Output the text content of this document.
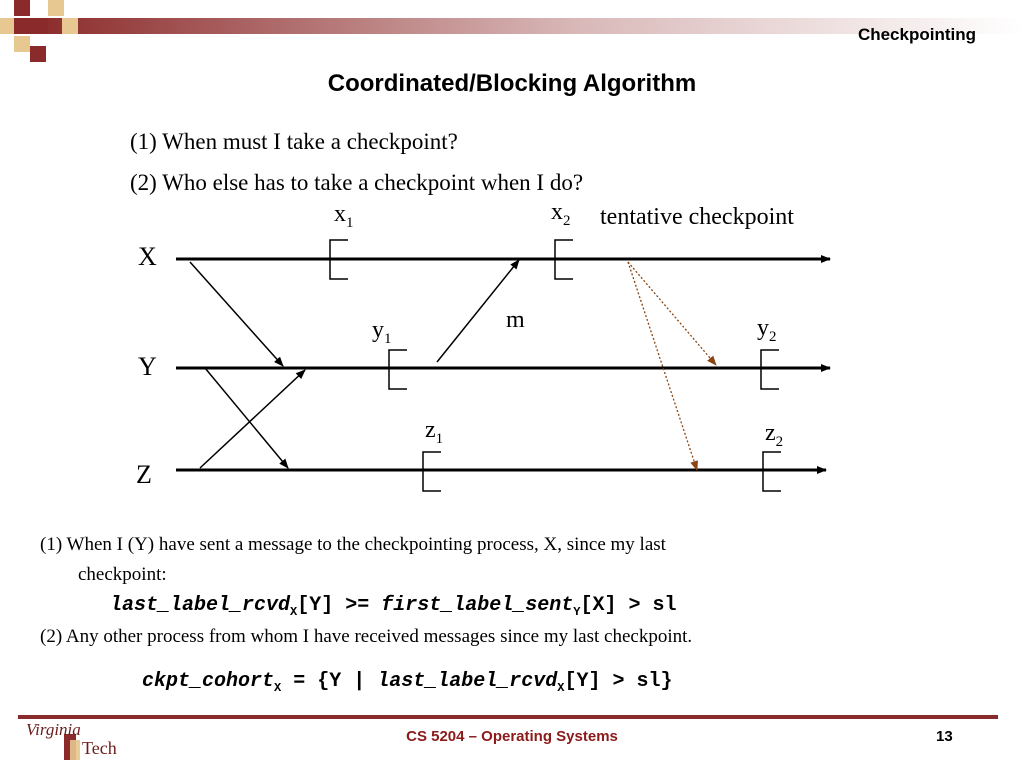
Checkpointing
Coordinated/Blocking Algorithm
(1) When must I take a checkpoint?
(2) Who else has to take a checkpoint when I do?
X
Y
Z
$x_1$	$x_2$
$y_1$	$y_2$
$z_1$	$z_2$
tentative checkpoint
m
(1) When I (Y) have sent a message to the checkpointing process, X, since my last
checkpoint:
last_label_rcvd$_X$[Y] >= first_label_sent$_Y$[X] > sl
(2) Any other process from whom I have received messages since my last checkpoint.
ckpt_cohort$_X$ = {Y | last_label_rcvd$_X$[Y] > sl}
Virginia
Tech
CS 5204 – Operating Systems	13
